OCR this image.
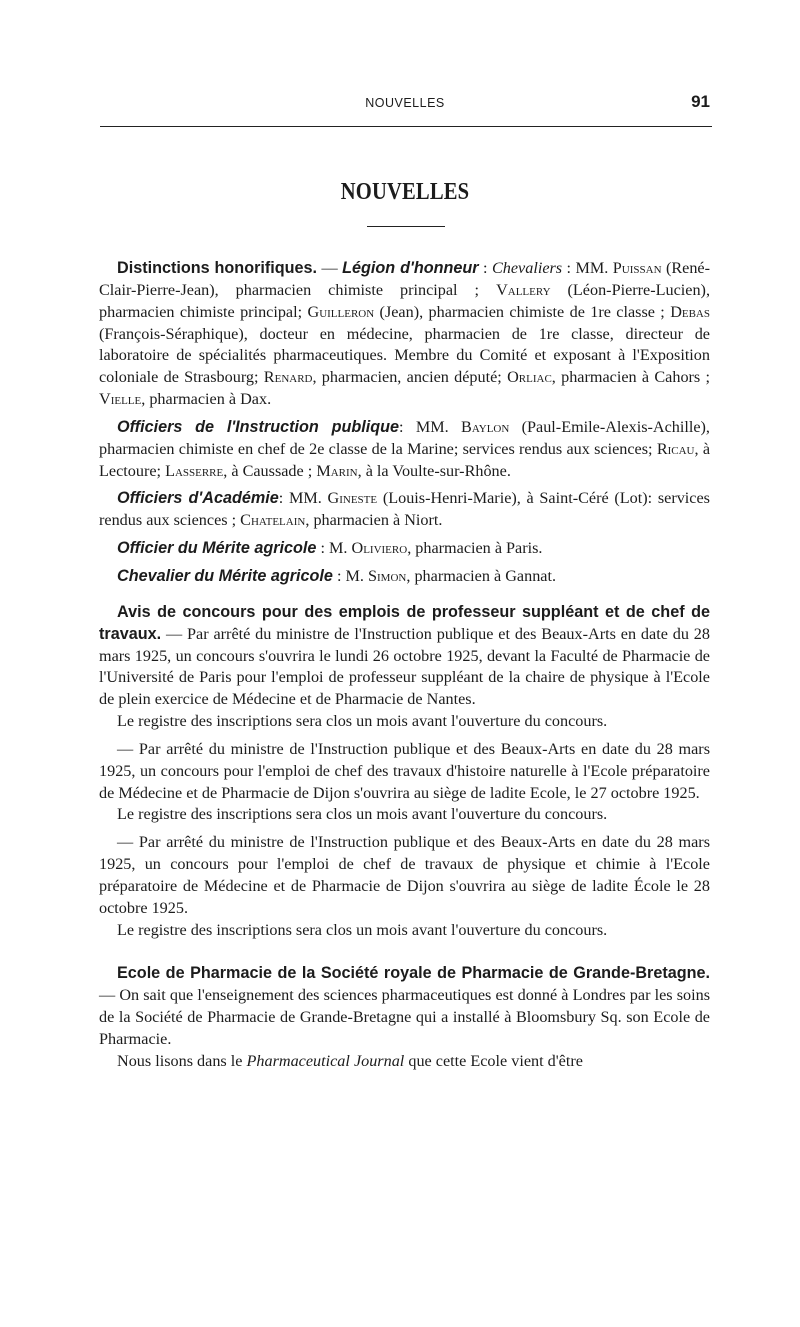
NOUVELLES	91
NOUVELLES

Distinctions honorifiques. — Légion d'honneur : Chevaliers : MM. Puissan (René-Clair-Pierre-Jean), pharmacien chimiste principal ; Vallery (Léon-Pierre-Lucien), pharmacien chimiste principal; Guilleron (Jean), pharmacien chimiste de 1re classe ; Debas (François-Séraphique), docteur en médecine, pharmacien de 1re classe, directeur de laboratoire de spécialités pharmaceutiques. Membre du Comité et exposant à l'Exposition coloniale de Strasbourg; Renard, pharmacien, ancien député; Orliac, pharmacien à Cahors ; Vielle, pharmacien à Dax.

Officiers de l'Instruction publique: MM. Baylon (Paul-Emile-Alexis-Achille), pharmacien chimiste en chef de 2e classe de la Marine; services rendus aux sciences; Ricau, à Lectoure; Lasserre, à Caussade ; Marin, à la Voulte-sur-Rhône.

Officiers d'Académie: MM. Gineste (Louis-Henri-Marie), à Saint-Céré (Lot): services rendus aux sciences ; Chatelain, pharmacien à Niort.

Officier du Mérite agricole : M. Oliviero, pharmacien à Paris.

Chevalier du Mérite agricole : M. Simon, pharmacien à Gannat.

Avis de concours pour des emplois de professeur suppléant et de chef de travaux. — Par arrêté du ministre de l'Instruction publique et des Beaux-Arts en date du 28 mars 1925, un concours s'ouvrira le lundi 26 octobre 1925, devant la Faculté de Pharmacie de l'Université de Paris pour l'emploi de professeur suppléant de la chaire de physique à l'Ecole de plein exercice de Médecine et de Pharmacie de Nantes.

Le registre des inscriptions sera clos un mois avant l'ouverture du concours.

— Par arrêté du ministre de l'Instruction publique et des Beaux-Arts en date du 28 mars 1925, un concours pour l'emploi de chef des travaux d'histoire naturelle à l'Ecole préparatoire de Médecine et de Pharmacie de Dijon s'ouvrira au siège de ladite Ecole, le 27 octobre 1925.

Le registre des inscriptions sera clos un mois avant l'ouverture du concours.

— Par arrêté du ministre de l'Instruction publique et des Beaux-Arts en date du 28 mars 1925, un concours pour l'emploi de chef de travaux de physique et chimie à l'Ecole préparatoire de Médecine et de Pharmacie de Dijon s'ouvrira au siège de ladite École le 28 octobre 1925.

Le registre des inscriptions sera clos un mois avant l'ouverture du concours.

Ecole de Pharmacie de la Société royale de Pharmacie de Grande-Bretagne. — On sait que l'enseignement des sciences pharmaceutiques est donné à Londres par les soins de la Société de Pharmacie de Grande-Bretagne qui a installé à Bloomsbury Sq. son Ecole de Pharmacie.

Nous lisons dans le Pharmaceutical Journal que cette Ecole vient d'être
